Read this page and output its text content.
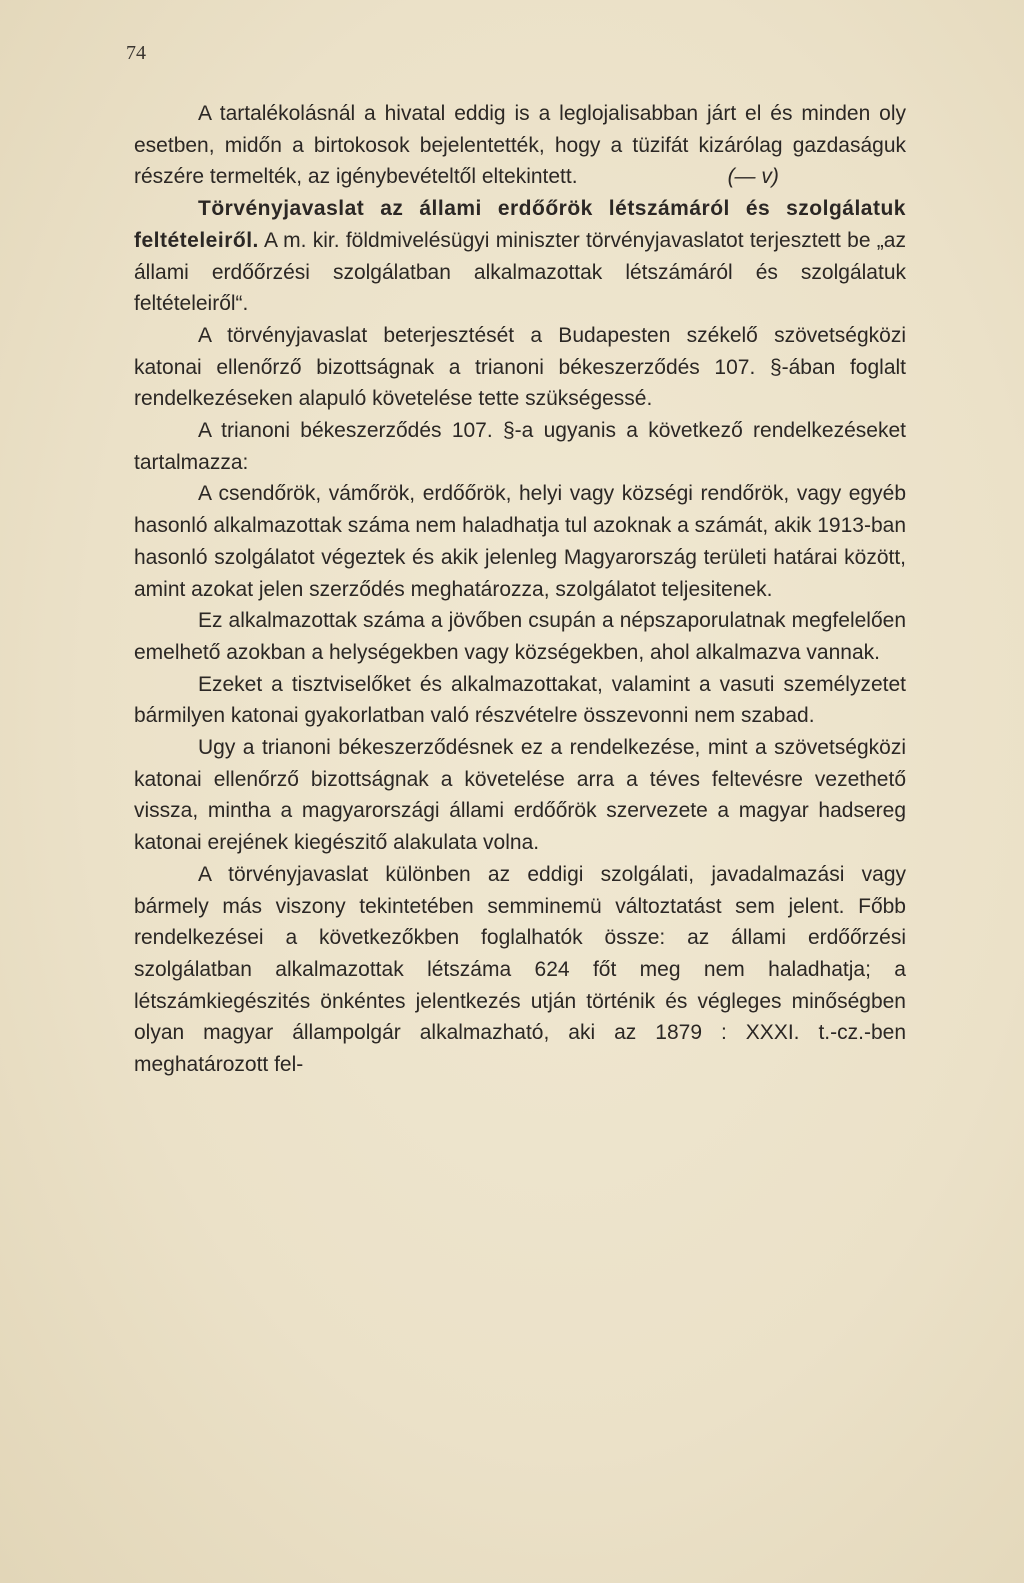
74

A tartalékolásnál a hivatal eddig is a leglojalisabban járt el és minden oly esetben, midőn a birtokosok bejelentették, hogy a tüzifát kizárólag gazdaságuk részére termelték, az igénybevételtől eltekintett.	(— v)

Törvényjavaslat az állami erdőőrök létszámáról és szolgálatuk feltételeiről. A m. kir. földmivelésügyi miniszter törvényjavaslatot terjesztett be „az állami erdőőrzési szolgálatban alkalmazottak létszámáról és szolgálatuk feltételeiről“.

A törvényjavaslat beterjesztését a Budapesten székelő szövetségközi katonai ellenőrző bizottságnak a trianoni békeszerződés 107. §-ában foglalt rendelkezéseken alapuló követelése tette szükségessé.

A trianoni békeszerződés 107. §-a ugyanis a következő rendelkezéseket tartalmazza:

A csendőrök, vámőrök, erdőőrök, helyi vagy községi rendőrök, vagy egyéb hasonló alkalmazottak száma nem haladhatja tul azoknak a számát, akik 1913-ban hasonló szolgálatot végeztek és akik jelenleg Magyarország területi határai között, amint azokat jelen szerződés meghatározza, szolgálatot teljesitenek.

Ez alkalmazottak száma a jövőben csupán a népszaporulatnak megfelelően emelhető azokban a helységekben vagy községekben, ahol alkalmazva vannak.

Ezeket a tisztviselőket és alkalmazottakat, valamint a vasuti személyzetet bármilyen katonai gyakorlatban való részvételre összevonni nem szabad.

Ugy a trianoni békeszerződésnek ez a rendelkezése, mint a szövetségközi katonai ellenőrző bizottságnak a követelése arra a téves feltevésre vezethető vissza, mintha a magyarországi állami erdőőrök szervezete a magyar hadsereg katonai erejének kiegészitő alakulata volna.

A törvényjavaslat különben az eddigi szolgálati, javadalmazási vagy bármely más viszony tekintetében semminemü változtatást sem jelent. Főbb rendelkezései a következőkben foglalhatók össze: az állami erdőőrzési szolgálatban alkalmazottak létszáma 624 főt meg nem haladhatja; a létszámkiegészités önkéntes jelentkezés utján történik és végleges minőségben olyan magyar állampolgár alkalmazható, aki az 1879 : XXXI. t.-cz.-ben meghatározott fel-
